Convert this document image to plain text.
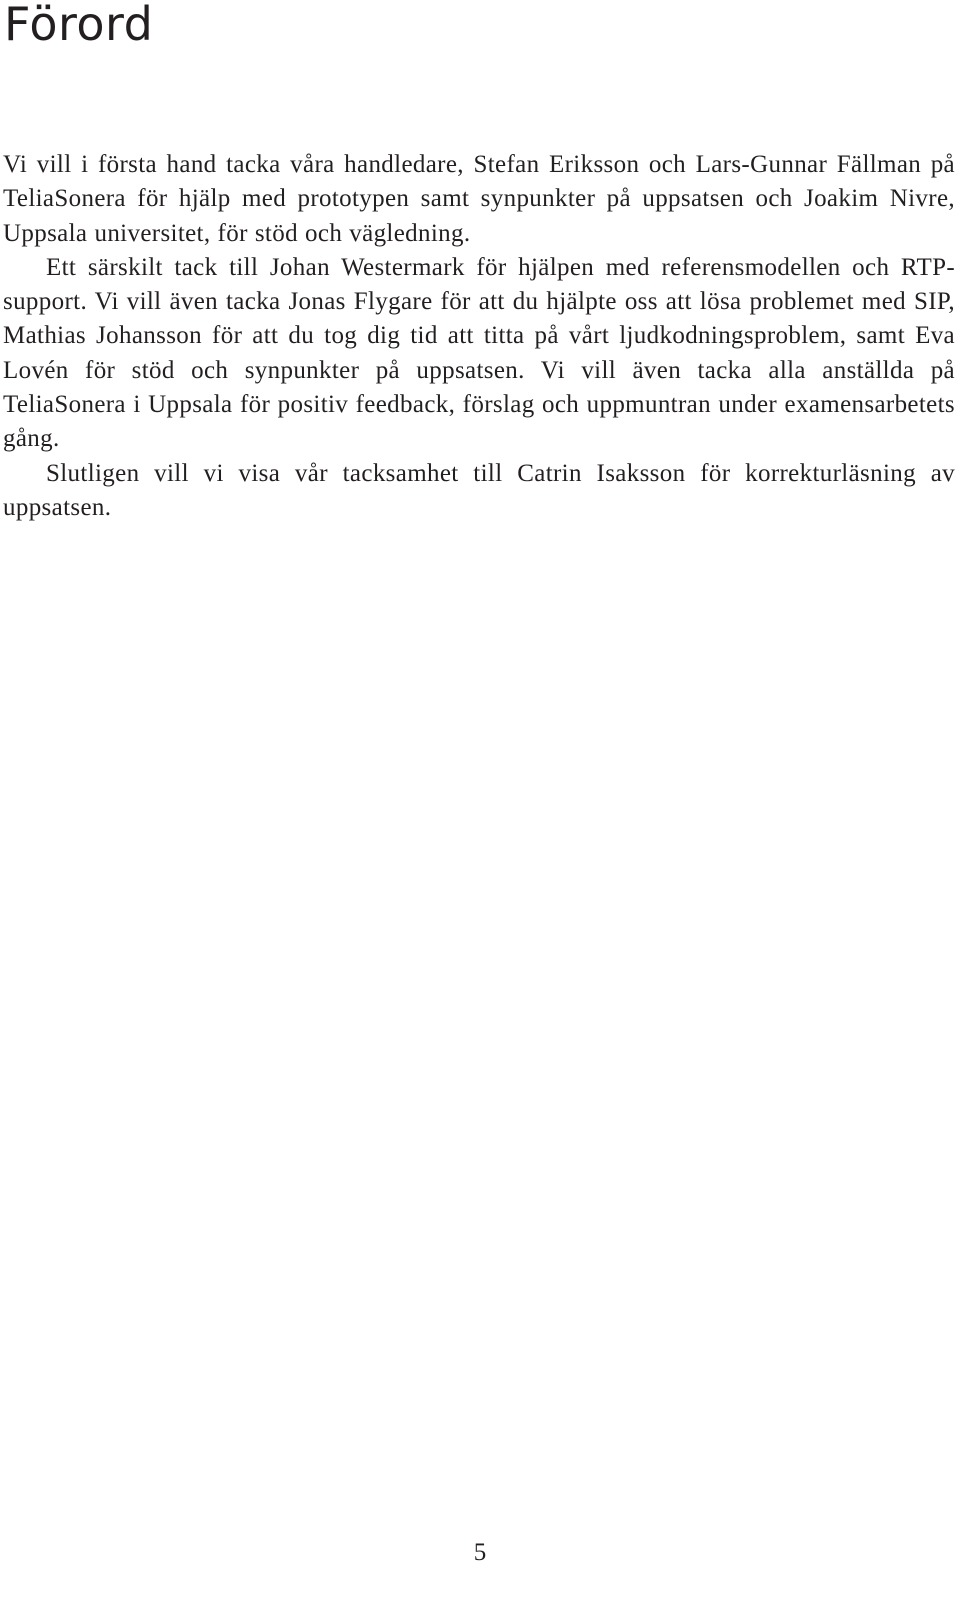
Förord

Vi vill i första hand tacka våra handledare, Stefan Eriksson och Lars-Gunnar Fällman på TeliaSonera för hjälp med prototypen samt synpunkter på uppsatsen och Joakim Nivre, Uppsala universitet, för stöd och vägledning.

Ett särskilt tack till Johan Westermark för hjälpen med referensmodellen och RTP-support. Vi vill även tacka Jonas Flygare för att du hjälpte oss att lösa problemet med SIP, Mathias Johansson för att du tog dig tid att titta på vårt ljudkodningsproblem, samt Eva Lovén för stöd och synpunkter på uppsatsen. Vi vill även tacka alla anställda på TeliaSonera i Uppsala för positiv feedback, förslag och uppmuntran under examensarbetets gång.

Slutligen vill vi visa vår tacksamhet till Catrin Isaksson för korrekturläsning av uppsatsen.

5
